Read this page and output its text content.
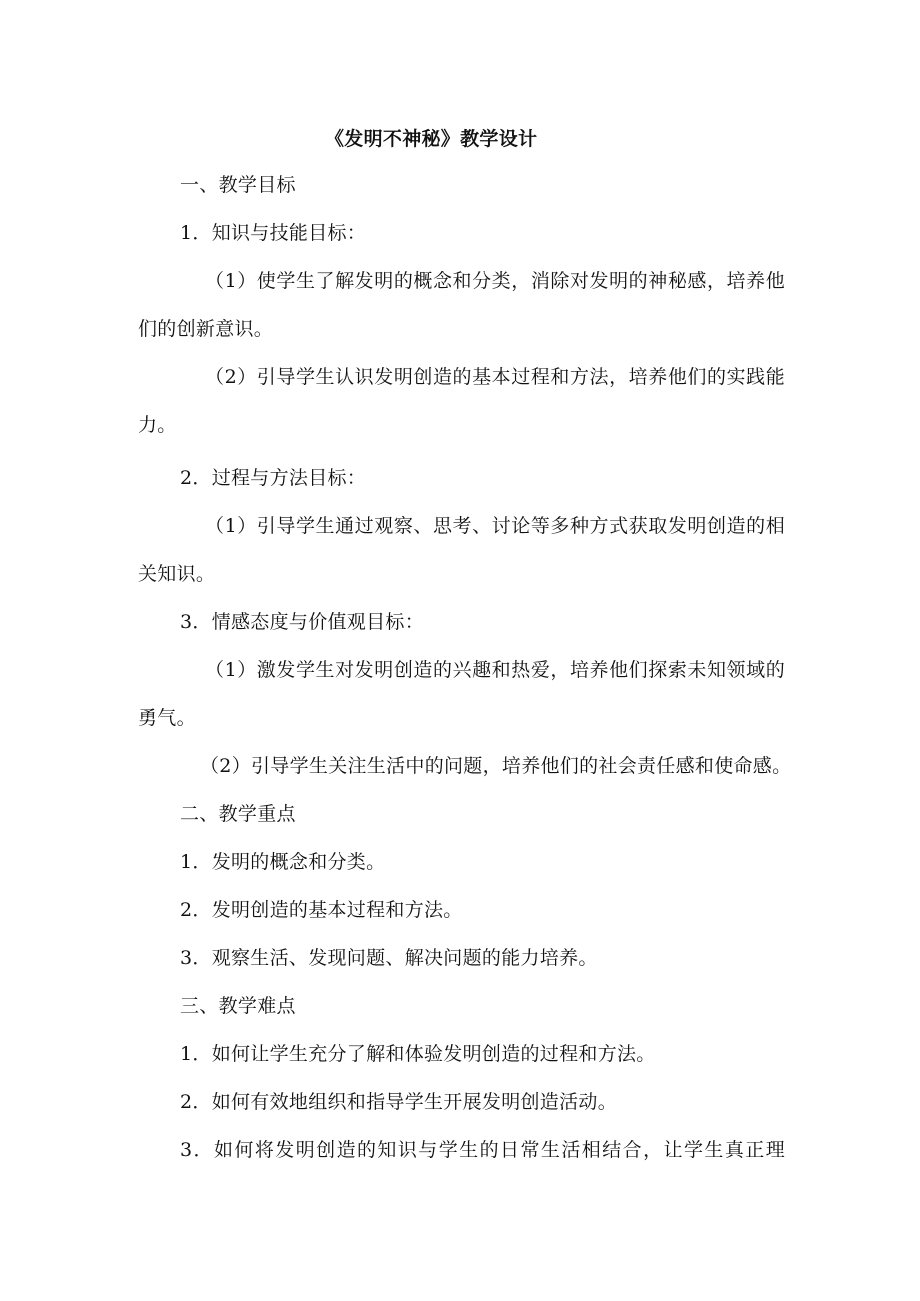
《发明不神秘》教学设计
一、教学目标
1．知识与技能目标：
（1）使学生了解发明的概念和分类，消除对发明的神秘感，培养他
们的创新意识。
（2）引导学生认识发明创造的基本过程和方法，培养他们的实践能
力。
2．过程与方法目标：
（1）引导学生通过观察、思考、讨论等多种方式获取发明创造的相
关知识。
3．情感态度与价值观目标：
（1）激发学生对发明创造的兴趣和热爱，培养他们探索未知领域的
勇气。
（2）引导学生关注生活中的问题，培养他们的社会责任感和使命感。
二、教学重点
1．发明的概念和分类。
2．发明创造的基本过程和方法。
3．观察生活、发现问题、解决问题的能力培养。
三、教学难点
1．如何让学生充分了解和体验发明创造的过程和方法。
2．如何有效地组织和指导学生开展发明创造活动。
3．如何将发明创造的知识与学生的日常生活相结合，让学生真正理
